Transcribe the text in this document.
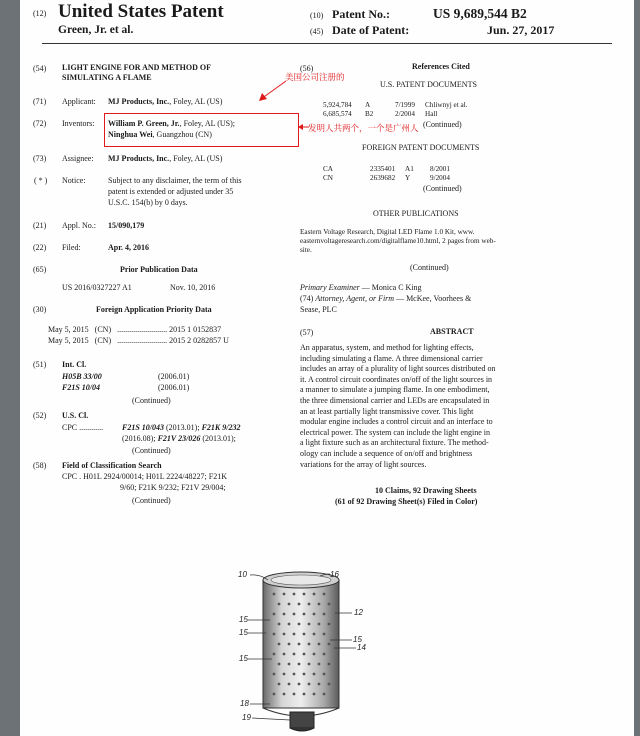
(12) United States Patent
Green, Jr. et al.
(10) Patent No.:	US 9,689,544 B2
(45) Date of Patent:	Jun. 27, 2017
(54) LIGHT ENGINE FOR AND METHOD OF
SIMULATING A FLAME
(71) Applicant: MJ Products, Inc., Foley, AL (US)
(72) Inventors: William P. Green, Jr., Foley, AL (US);
Ninghua Wei, Guangzhou (CN)
(73) Assignee: MJ Products, Inc., Foley, AL (US)
( * ) Notice:	Subject to any disclaimer, the term of this
patent is extended or adjusted under 35
U.S.C. 154(b) by 0 days.
(21) Appl. No.: 15/090,179
(22) Filed:	Apr. 4, 2016
(65)	Prior Publication Data
US 2016/0327227 A1	Nov. 10, 2016
(30)	Foreign Application Priority Data
May 5, 2015 (CN) ......................... 2015 1 0152837
May 5, 2015 (CN) ......................... 2015 2 0282857 U
(51) Int. Cl.
H05B 33/00	(2006.01)
F21S 10/04	(2006.01)
(Continued)
(52) U.S. Cl.
CPC ............ F21S 10/043 (2013.01); F21K 9/232
(2016.08); F21V 23/026 (2013.01);
(Continued)
(58) Field of Classification Search
CPC . H01L 2924/00014; H01L 2224/48227; F21K
9/60; F21K 9/232; F21V 29/004;
(Continued)
(56)	References Cited
U.S. PATENT DOCUMENTS
5,924,784 A	7/1999 Chliwnyj et al.
6,685,574 B2	2/2004 Hall
(Continued)
FOREIGN PATENT DOCUMENTS
CA	2335401 A1 8/2001
CN	2639682 Y	9/2004
(Continued)
OTHER PUBLICATIONS
Eastern Voltage Research, Digital LED Flame 1.0 Kit, www.
easternvoltageresearch.com/digitalflame10.html, 2 pages from web-
site.
(Continued)
Primary Examiner — Monica C King
(74) Attorney, Agent, or Firm — McKee, Voorhees &
Sease, PLC
(57)	ABSTRACT
An apparatus, system, and method for lighting effects,
including simulating a flame. A three dimensional carrier
includes an array of a plurality of light sources distributed on
it. A control circuit coordinates on/off of the light sources in
a manner to simulate a jumping flame. In one embodiment,
the three dimensional carrier and LEDs are encapsulated in
an at least partially light transmissive cover. This light
modular engine includes a control circuit and an interface to
electrical power. The system can include the light engine in
a light fixture such as an architectural fixture. The method-
ology can include a sequence of on/off and brightness
variations for the array of light sources.
10 Claims, 92 Drawing Sheets
(61 of 92 Drawing Sheet(s) Filed in Color)
美国公司注册的
发明人共两个，一个是广州人
10	16
12
15
15
15
14
15
18
19
